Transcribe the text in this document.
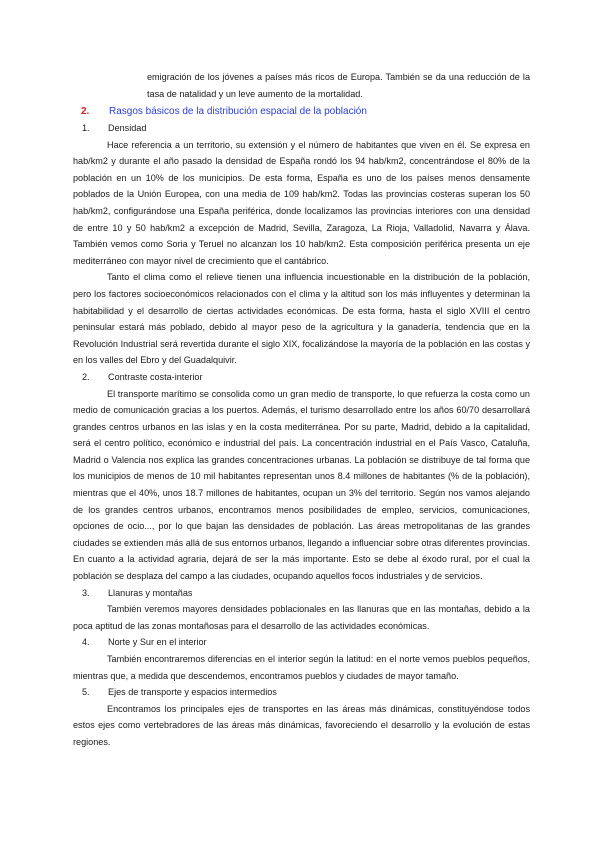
emigración de los jóvenes a países más ricos de Europa. También se da una reducción de la tasa de natalidad y un leve aumento de la mortalidad.

2. Rasgos básicos de la distribución espacial de la población

1. Densidad

Hace referencia a un territorio, su extensión y el número de habitantes que viven en él. Se expresa en hab/km2 y durante el año pasado la densidad de España rondó los 94 hab/km2, concentrándose el 80% de la población en un 10% de los municipios. De esta forma, España es uno de los países menos densamente poblados de la Unión Europea, con una media de 109 hab/km2. Todas las provincias costeras superan los 50 hab/km2, configurándose una España periférica, donde localizamos las provincias interiores con una densidad de entre 10 y 50 hab/km2 a excepción de Madrid, Sevilla, Zaragoza, La Rioja, Valladolid, Navarra y Álava. También vemos como Soria y Teruel no alcanzan los 10 hab/km2. Esta composición periférica presenta un eje mediterráneo con mayor nivel de crecimiento que el cantábrico.

Tanto el clima como el relieve tienen una influencia incuestionable en la distribución de la población, pero los factores socioeconómicos relacionados con el clima y la altitud son los más influyentes y determinan la habitabilidad y el desarrollo de ciertas actividades económicas. De esta forma, hasta el siglo XVIII el centro peninsular estará más poblado, debido al mayor peso de la agricultura y la ganadería, tendencia que en la Revolución Industrial será revertida durante el siglo XIX, focalizándose la mayoría de la población en las costas y en los valles del Ebro y del Guadalquivir.

2. Contraste costa-interior

El transporte marítimo se consolida como un gran medio de transporte, lo que refuerza la costa como un medio de comunicación gracias a los puertos. Además, el turismo desarrollado entre los años 60/70 desarrollará grandes centros urbanos en las islas y en la costa mediterránea. Por su parte, Madrid, debido a la capitalidad, será el centro político, económico e industrial del país. La concentración industrial en el País Vasco, Cataluña, Madrid o Valencia nos explica las grandes concentraciones urbanas. La población se distribuye de tal forma que los municipios de menos de 10 mil habitantes representan unos 8.4 millones de habitantes (% de la población), mientras que el 40%, unos 18.7 millones de habitantes, ocupan un 3% del territorio. Según nos vamos alejando de los grandes centros urbanos, encontramos menos posibilidades de empleo, servicios, comunicaciones, opciones de ocio..., por lo que bajan las densidades de población. Las áreas metropolitanas de las grandes ciudades se extienden más allá de sus entornos urbanos, llegando a influenciar sobre otras diferentes provincias. En cuanto a la actividad agraria, dejará de ser la más importante. Esto se debe al éxodo rural, por el cual la población se desplaza del campo a las ciudades, ocupando aquellos focos industriales y de servicios.

3. Llanuras y montañas

También veremos mayores densidades poblacionales en las llanuras que en las montañas, debido a la poca aptitud de las zonas montañosas para el desarrollo de las actividades económicas.

4. Norte y Sur en el interior

También encontraremos diferencias en el interior según la latitud: en el norte vemos pueblos pequeños, mientras que, a medida que descendemos, encontramos pueblos y ciudades de mayor tamaño.

5. Ejes de transporte y espacios intermedios

Encontramos los principales ejes de transportes en las áreas más dinámicas, constituyéndose todos estos ejes como vertebradores de las áreas más dinámicas, favoreciendo el desarrollo y la evolución de estas regiones.
